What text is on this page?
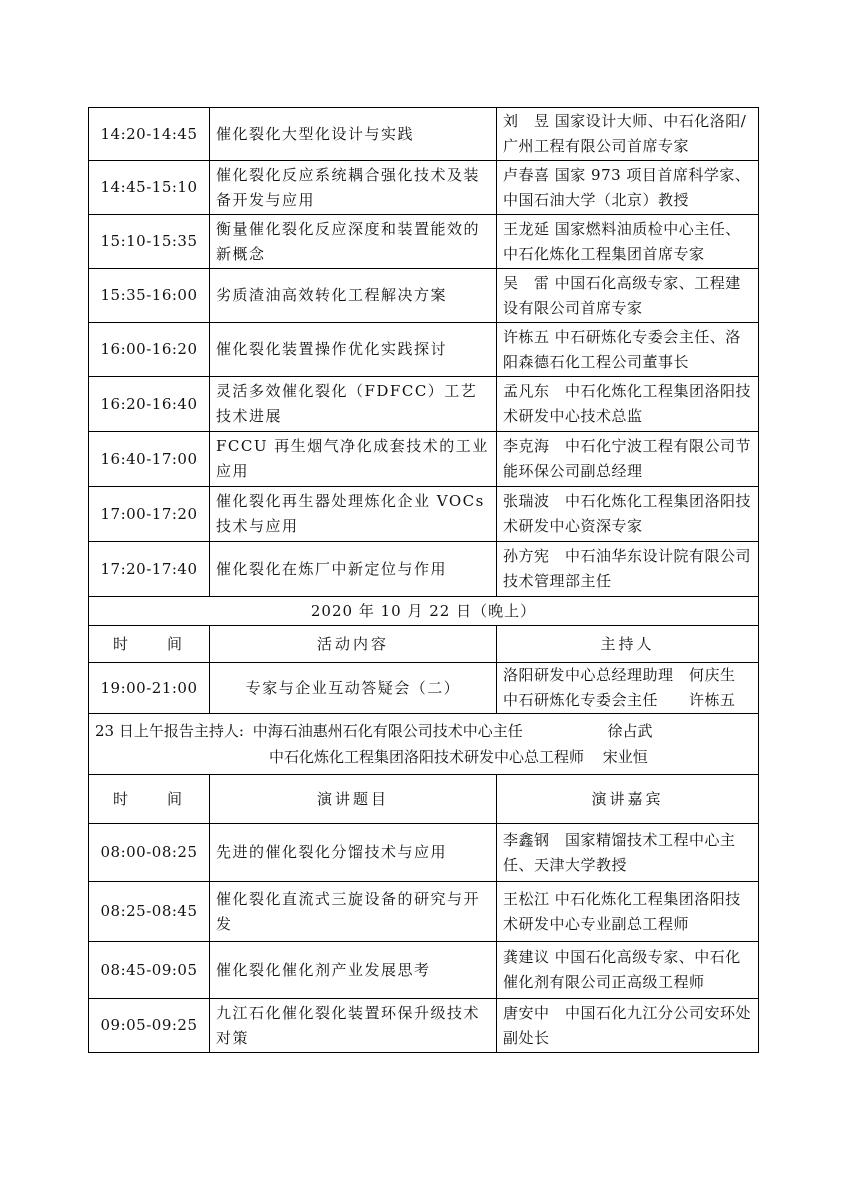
14:20-14:45	催化裂化大型化设计与实践	刘　昱 国家设计大师、中石化洛阳/广州工程有限公司首席专家
14:45-15:10	催化裂化反应系统耦合强化技术及装备开发与应用	卢春喜 国家 973 项目首席科学家、 中国石油大学（北京）教授
15:10-15:35	衡量催化裂化反应深度和装置能效的新概念	王龙延 国家燃料油质检中心主任、中石化炼化工程集团首席专家
15:35-16:00	劣质渣油高效转化工程解决方案	吴　雷 中国石化高级专家、工程建设有限公司首席专家
16:00-16:20	催化裂化装置操作优化实践探讨	许栋五 中石研炼化专委会主任、洛阳森德石化工程公司董事长
16:20-16:40	灵活多效催化裂化（FDFCC）工艺技术进展	孟凡东　中石化炼化工程集团洛阳技术研发中心技术总监
16:40-17:00	FCCU 再生烟气净化成套技术的工业应用	李克海　中石化宁波工程有限公司节能环保公司副总经理
17:00-17:20	催化裂化再生器处理炼化企业 VOCs 技术与应用	张瑞波　中石化炼化工程集团洛阳技术研发中心资深专家
17:20-17:40	催化裂化在炼厂中新定位与作用	孙方宪　中石油华东设计院有限公司 技术管理部主任
2020 年 10 月 22 日（晚上）		
时　　间	活动内容	主持人
19:00-21:00	专家与企业互动答疑会（二）	洛阳研发中心总经理助理　何庆生
中石研炼化专委会主任　　许栋五

23 日上午报告主持人: 中海石油惠州石化有限公司技术中心主任 徐占武
中石化炼化工程集团洛阳技术研发中心总工程师 宋业恒		

时　　间	演讲题目	演讲嘉宾
08:00-08:25	先进的催化裂化分馏技术与应用	李鑫钢　国家精馏技术工程中心主任、天津大学教授
08:25-08:45	催化裂化直流式三旋设备的研究与开发	王松江 中石化炼化工程集团洛阳技术研发中心专业副总工程师
08:45-09:05	催化裂化催化剂产业发展思考	龚建议 中国石化高级专家、中石化催化剂有限公司正高级工程师
09:05-09:25	九江石化催化裂化装置环保升级技术对策	唐安中　中国石化九江分公司安环处副处长
